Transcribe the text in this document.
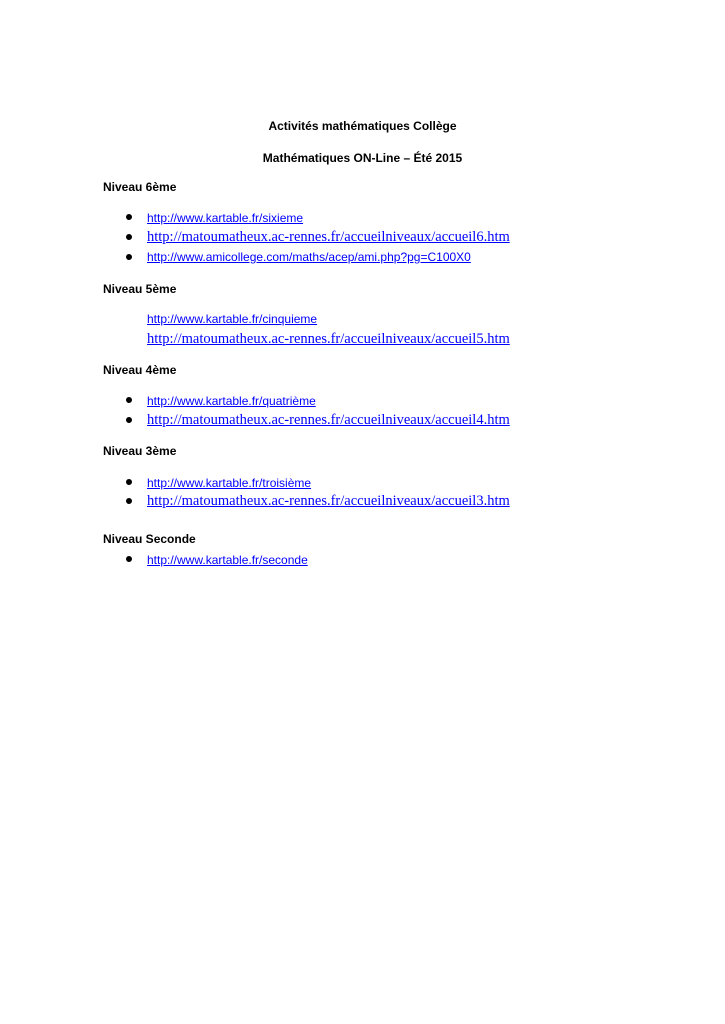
Activités mathématiques Collège
Mathématiques ON-Line – Été 2015
Niveau 6ème
http://www.kartable.fr/sixieme
http://matoumatheux.ac-rennes.fr/accueilniveaux/accueil6.htm
http://www.amicollege.com/maths/acep/ami.php?pg=C100X0
Niveau 5ème
http://www.kartable.fr/cinquieme
http://matoumatheux.ac-rennes.fr/accueilniveaux/accueil5.htm
Niveau 4ème
http://www.kartable.fr/quatrième
http://matoumatheux.ac-rennes.fr/accueilniveaux/accueil4.htm
Niveau 3ème
http://www.kartable.fr/troisième
http://matoumatheux.ac-rennes.fr/accueilniveaux/accueil3.htm
Niveau Seconde
http://www.kartable.fr/seconde
